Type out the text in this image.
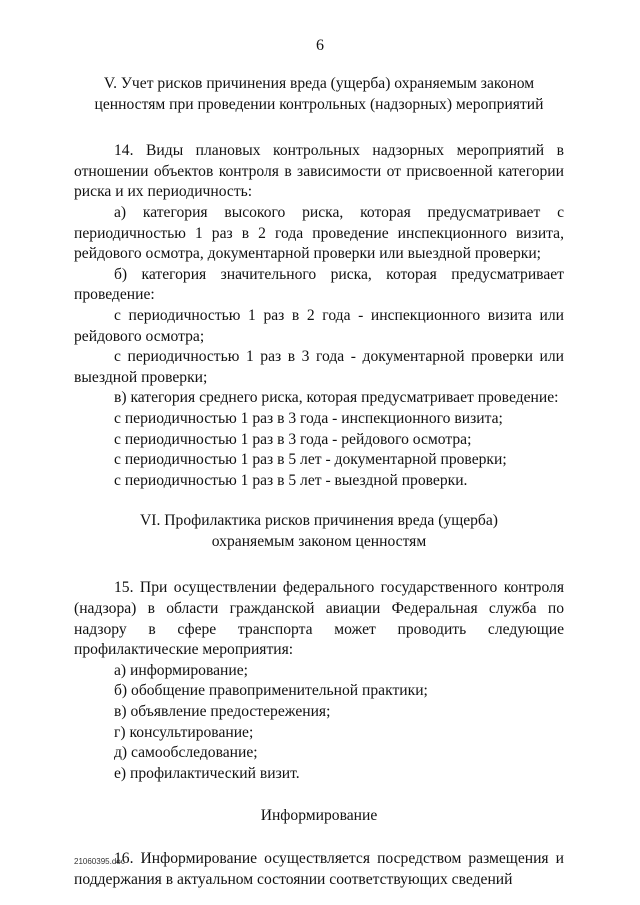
6
V. Учет рисков причинения вреда (ущерба) охраняемым законом
ценностям при проведении контрольных (надзорных) мероприятий

14. Виды плановых контрольных надзорных мероприятий в отношении объектов контроля в зависимости от присвоенной категории риска и их периодичность:

а) категория высокого риска, которая предусматривает с периодичностью 1 раз в 2 года проведение инспекционного визита, рейдового осмотра, документарной проверки или выездной проверки;

б) категория значительного риска, которая предусматривает проведение:

с периодичностью 1 раз в 2 года - инспекционного визита или рейдового осмотра;

с периодичностью 1 раз в 3 года - документарной проверки или выездной проверки;

в) категория среднего риска, которая предусматривает проведение:

с периодичностью 1 раз в 3 года - инспекционного визита;

с периодичностью 1 раз в 3 года - рейдового осмотра;

с периодичностью 1 раз в 5 лет - документарной проверки;

с периодичностью 1 раз в 5 лет - выездной проверки.

VI. Профилактика рисков причинения вреда (ущерба)
охраняемым законом ценностям

15. При осуществлении федерального государственного контроля (надзора) в области гражданской авиации Федеральная служба по надзору в сфере транспорта может проводить следующие профилактические мероприятия:

а) информирование;

б) обобщение правоприменительной практики;

в) объявление предостережения;

г) консультирование;

д) самообследование;

е) профилактический визит.

Информирование

16. Информирование осуществляется посредством размещения и поддержания в актуальном состоянии соответствующих сведений

21060395.doc
